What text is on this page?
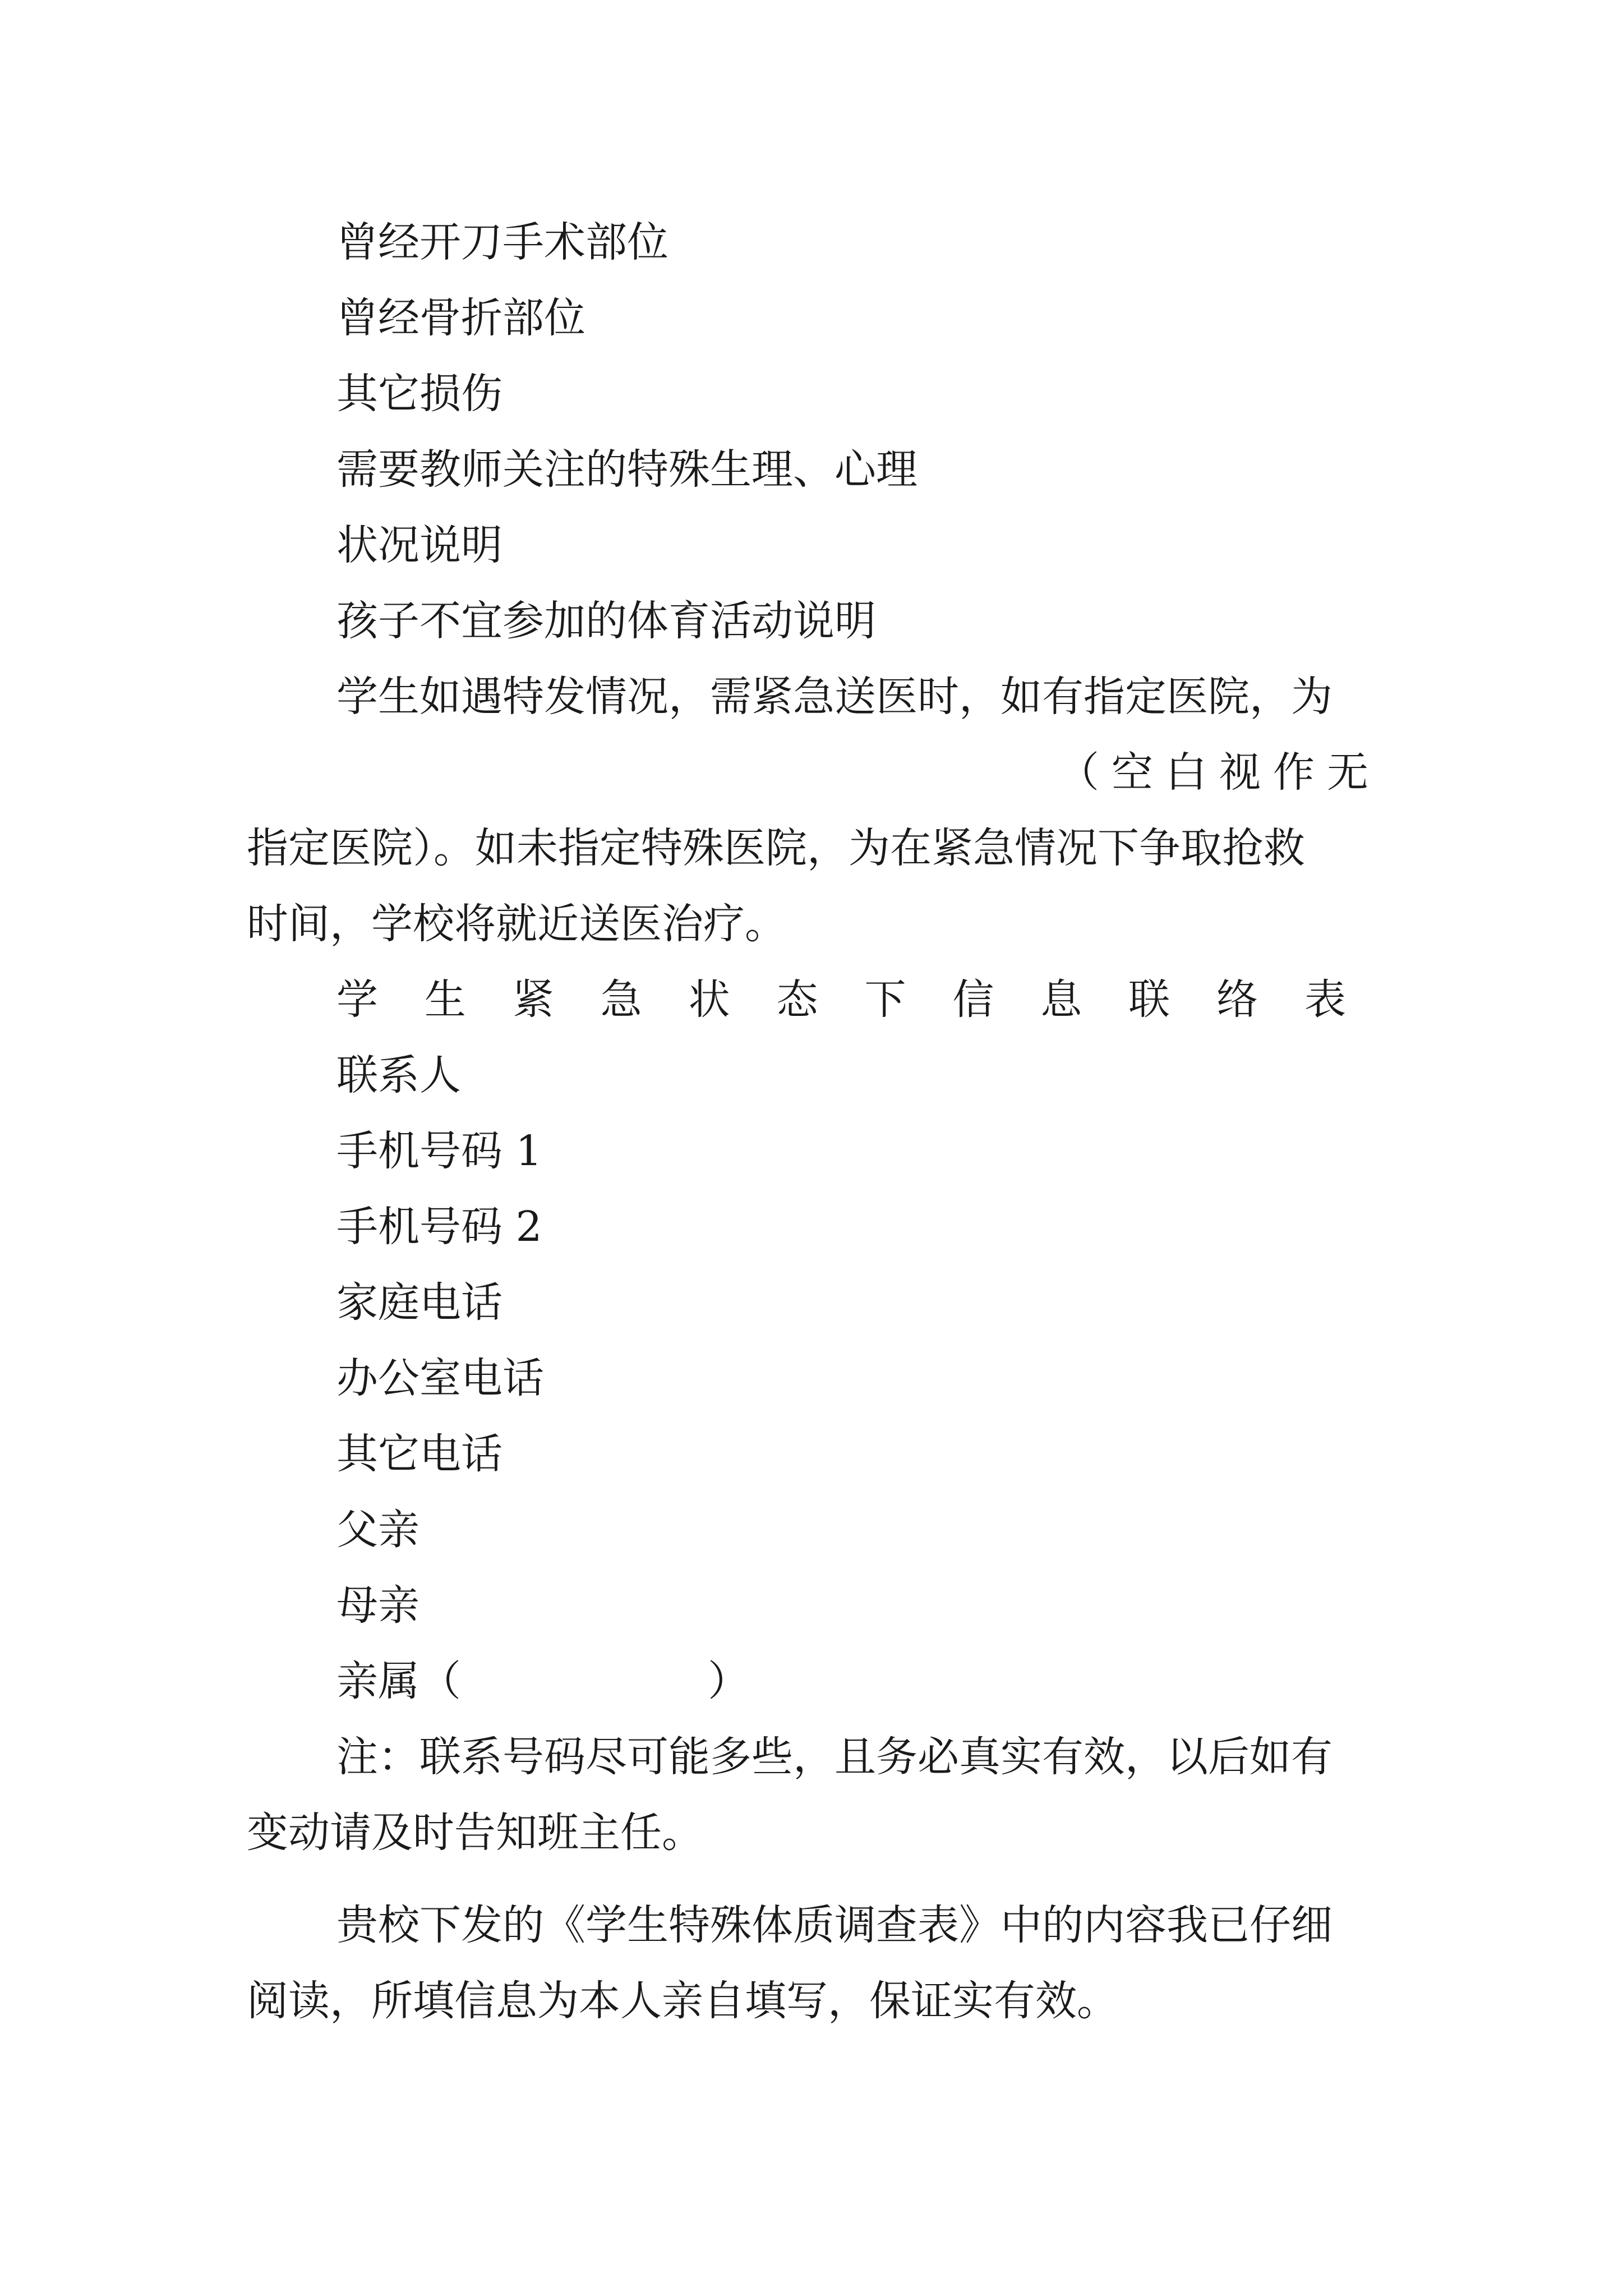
曾经开刀手术部位
曾经骨折部位
其它损伤
需要教师关注的特殊生理、心理
状况说明
孩子不宜参加的体育活动说明
学生如遇特发情况，需紧急送医时，如有指定医院，为
（空白视作无
指定医院）。如未指定特殊医院，为在紧急情况下争取抢救
时间，学校将就近送医治疗。
学 生 紧 急 状 态 下 信 息 联 络 表
联系人
手机号码 1
手机号码 2
家庭电话
办公室电话
其它电话
父亲
母亲
亲属（	）
注：联系号码尽可能多些，且务必真实有效，以后如有
变动请及时告知班主任。
贵校下发的《学生特殊体质调查表》中的内容我已仔细
阅读，所填信息为本人亲自填写，保证实有效。
